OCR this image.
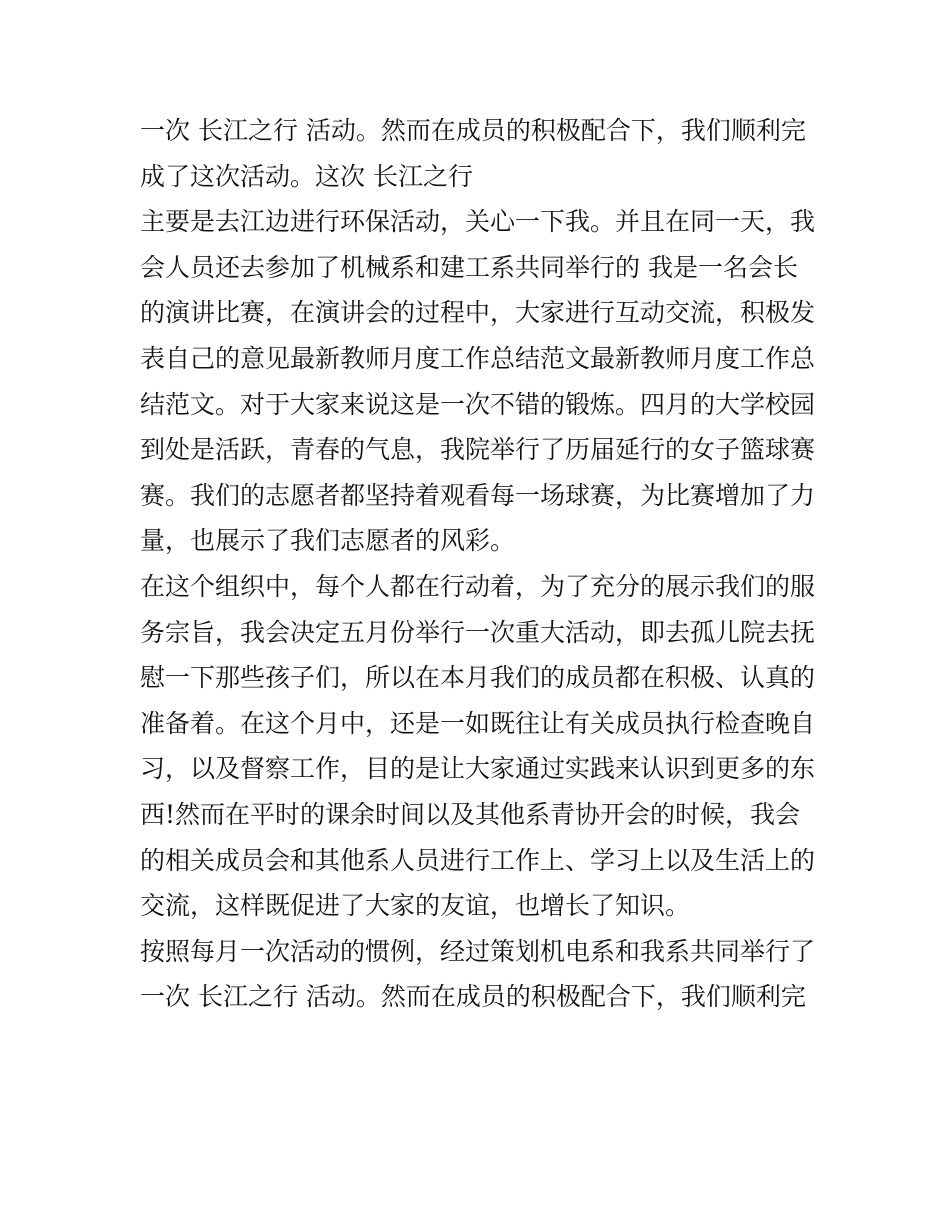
一次 长江之行 活动。然而在成员的积极配合下，我们顺利完
成了这次活动。这次 长江之行
主要是去江边进行环保活动，关心一下我。并且在同一天，我
会人员还去参加了机械系和建工系共同举行的 我是一名会长
的演讲比赛，在演讲会的过程中，大家进行互动交流，积极发
表自己的意见最新教师月度工作总结范文最新教师月度工作总
结范文。对于大家来说这是一次不错的锻炼。四月的大学校园
到处是活跃，青春的气息，我院举行了历届延行的女子篮球赛
赛。我们的志愿者都坚持着观看每一场球赛，为比赛增加了力
量，也展示了我们志愿者的风彩。
在这个组织中，每个人都在行动着，为了充分的展示我们的服
务宗旨，我会决定五月份举行一次重大活动，即去孤儿院去抚
慰一下那些孩子们，所以在本月我们的成员都在积极、认真的
准备着。在这个月中，还是一如既往让有关成员执行检查晚自
习，以及督察工作，目的是让大家通过实践来认识到更多的东
西!然而在平时的课余时间以及其他系青协开会的时候，我会
的相关成员会和其他系人员进行工作上、学习上以及生活上的
交流，这样既促进了大家的友谊，也增长了知识。
按照每月一次活动的惯例，经过策划机电系和我系共同举行了
一次 长江之行 活动。然而在成员的积极配合下，我们顺利完
